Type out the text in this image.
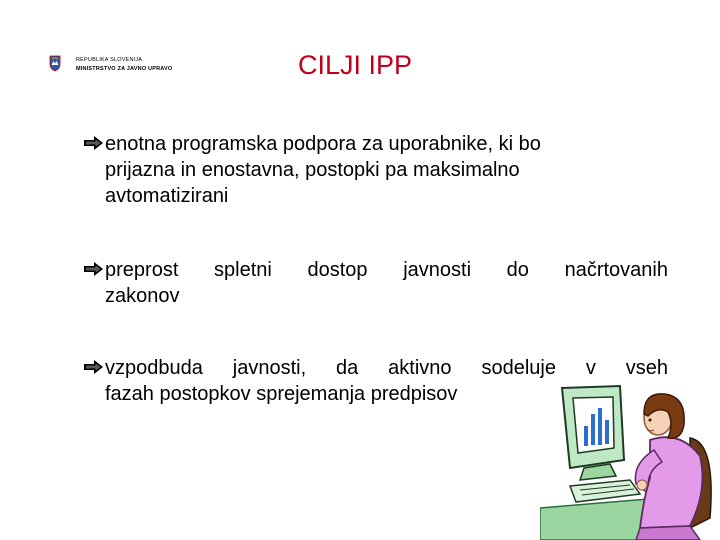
REPUBLIKA SLOVENIJA
MINISTRSTVO ZA JAVNO UPRAVO	CILJI IPP
enotna programska podpora za uporabnike, ki bo
prijazna in enostavna, postopki pa maksimalno
avtomatizirani
preprost spletni dostop javnosti do načrtovanih
zakonov
vzpodbuda javnosti, da aktivno sodeluje v vseh
fazah postopkov sprejemanja predpisov
